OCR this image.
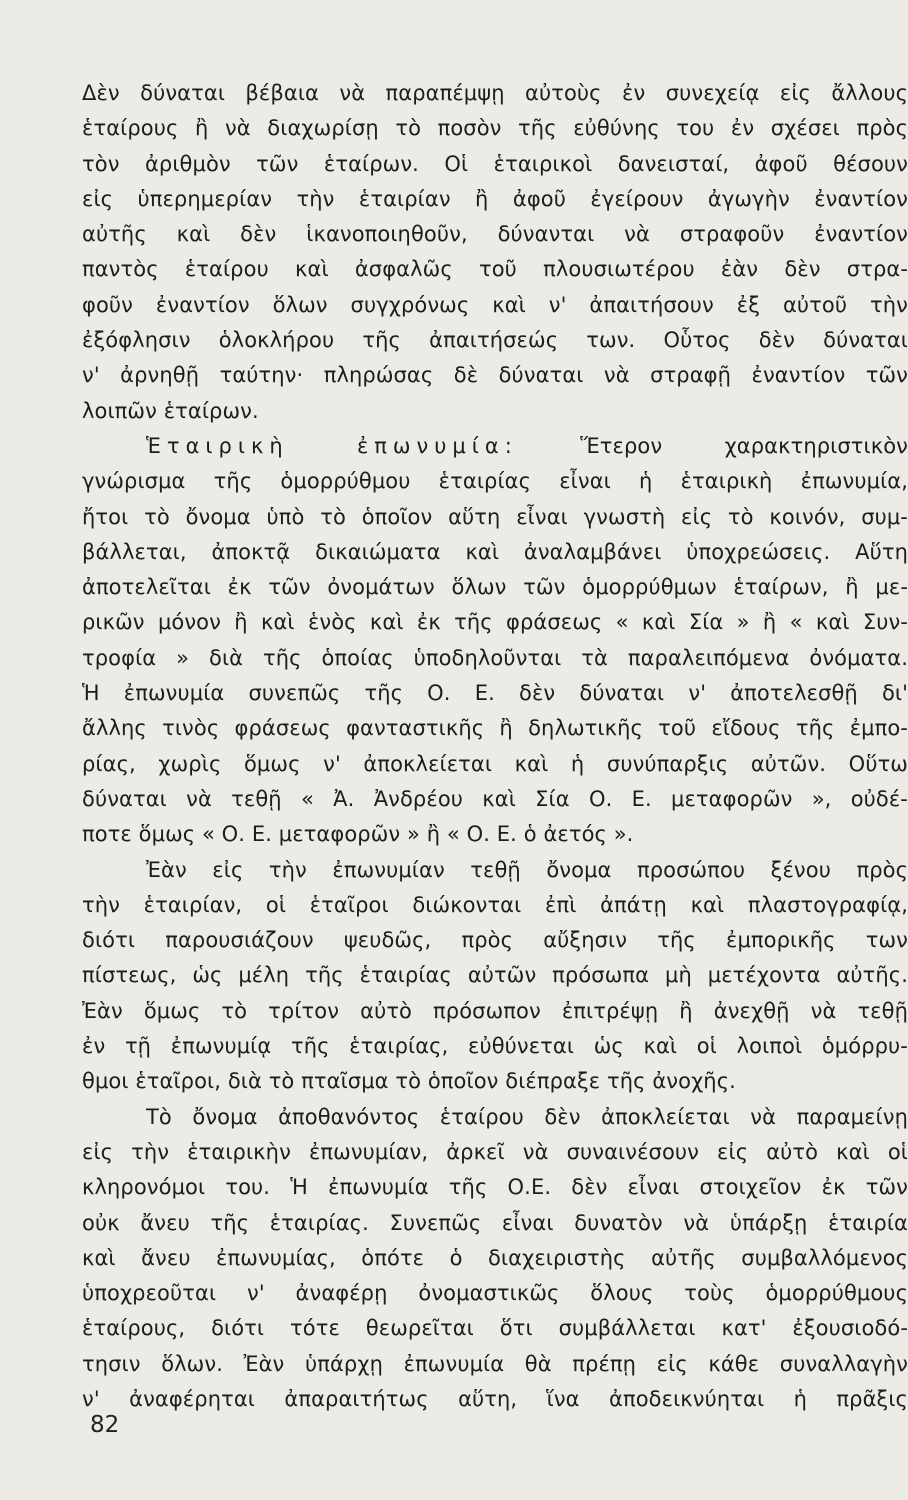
Δὲν δύναται βέβαια νὰ παραπέμψῃ αὐτοὺς ἐν συνεχείᾳ εἰς ἄλλους
ἑταίρους ἢ νὰ διαχωρίσῃ τὸ ποσὸν τῆς εὐθύνης του ἐν σχέσει πρὸς
τὸν ἀριθμὸν τῶν ἑταίρων. Οἱ ἑταιρικοὶ δανεισταί, ἀφοῦ θέσουν
εἰς ὑπερημερίαν τὴν ἑταιρίαν ἢ ἀφοῦ ἐγείρουν ἀγωγὴν ἐναντίον
αὐτῆς καὶ δὲν ἱκανοποιηθοῦν, δύνανται νὰ στραφοῦν ἐναντίον
παντὸς ἑταίρου καὶ ἀσφαλῶς τοῦ πλουσιωτέρου ἐὰν δὲν στρα-
φοῦν ἐναντίον ὅλων συγχρόνως καὶ ν' ἀπαιτήσουν ἐξ αὐτοῦ τὴν
ἐξόφλησιν ὁλοκλήρου τῆς ἀπαιτήσεώς των. Οὗτος δὲν δύναται
ν' ἀρνηθῇ ταύτην· πληρώσας δὲ δύναται νὰ στραφῇ ἐναντίον τῶν
λοιπῶν ἑταίρων.
Ἑταιρικὴ ἐπωνυμία: Ἕτερον χαρακτηριστικὸν
γνώρισμα τῆς ὁμορρύθμου ἑταιρίας εἶναι ἡ ἑταιρικὴ ἐπωνυμία,
ἤτοι τὸ ὄνομα ὑπὸ τὸ ὁποῖον αὕτη εἶναι γνωστὴ εἰς τὸ κοινόν, συμ-
βάλλεται, ἀποκτᾷ δικαιώματα καὶ ἀναλαμβάνει ὑποχρεώσεις. Αὕτη
ἀποτελεῖται ἐκ τῶν ὀνομάτων ὅλων τῶν ὁμορρύθμων ἑταίρων, ἢ με-
ρικῶν μόνον ἢ καὶ ἑνὸς καὶ ἐκ τῆς φράσεως « καὶ Σία » ἢ « καὶ Συν-
τροφία » διὰ τῆς ὁποίας ὑποδηλοῦνται τὰ παραλειπόμενα ὀνόματα.
Ἡ ἐπωνυμία συνεπῶς τῆς Ο. Ε. δὲν δύναται ν' ἀποτελεσθῇ δι'
ἄλλης τινὸς φράσεως φανταστικῆς ἢ δηλωτικῆς τοῦ εἴδους τῆς ἐμπο-
ρίας, χωρὶς ὅμως ν' ἀποκλείεται καὶ ἡ συνύπαρξις αὐτῶν. Οὕτω
δύναται νὰ τεθῇ « Ἀ. Ἀνδρέου καὶ Σία Ο. Ε. μεταφορῶν », οὐδέ-
ποτε ὅμως « Ο. Ε. μεταφορῶν » ἢ « Ο. Ε. ὁ ἀετός ».
Ἐὰν εἰς τὴν ἐπωνυμίαν τεθῇ ὄνομα προσώπου ξένου πρὸς
τὴν ἑταιρίαν, οἱ ἑταῖροι διώκονται ἐπὶ ἀπάτῃ καὶ πλαστογραφίᾳ,
διότι παρουσιάζουν ψευδῶς, πρὸς αὔξησιν τῆς ἐμπορικῆς των
πίστεως, ὡς μέλη τῆς ἑταιρίας αὐτῶν πρόσωπα μὴ μετέχοντα αὐτῆς.
Ἐὰν ὅμως τὸ τρίτον αὐτὸ πρόσωπον ἐπιτρέψῃ ἢ ἀνεχθῇ νὰ τεθῇ
ἐν τῇ ἐπωνυμίᾳ τῆς ἑταιρίας, εὐθύνεται ὡς καὶ οἱ λοιποὶ ὁμόρρυ-
θμοι ἑταῖροι, διὰ τὸ πταῖσμα τὸ ὁποῖον διέπραξε τῆς ἀνοχῆς.
Τὸ ὄνομα ἀποθανόντος ἑταίρου δὲν ἀποκλείεται νὰ παραμείνῃ
εἰς τὴν ἑταιρικὴν ἐπωνυμίαν, ἀρκεῖ νὰ συναινέσουν εἰς αὐτὸ καὶ οἱ
κληρονόμοι του. Ἡ ἐπωνυμία τῆς Ο.Ε. δὲν εἶναι στοιχεῖον ἐκ τῶν
οὐκ ἄνευ τῆς ἑταιρίας. Συνεπῶς εἶναι δυνατὸν νὰ ὑπάρξῃ ἑταιρία
καὶ ἄνευ ἐπωνυμίας, ὁπότε ὁ διαχειριστὴς αὐτῆς συμβαλλόμενος
ὑποχρεοῦται ν' ἀναφέρῃ ὀνομαστικῶς ὅλους τοὺς ὁμορρύθμους
ἑταίρους, διότι τότε θεωρεῖται ὅτι συμβάλλεται κατ' ἐξουσιοδό-
τησιν ὅλων. Ἐὰν ὑπάρχῃ ἐπωνυμία θὰ πρέπῃ εἰς κάθε συναλλαγὴν
ν' ἀναφέρηται ἀπαραιτήτως αὕτη, ἵνα ἀποδεικνύηται ἡ πρᾶξις
82
